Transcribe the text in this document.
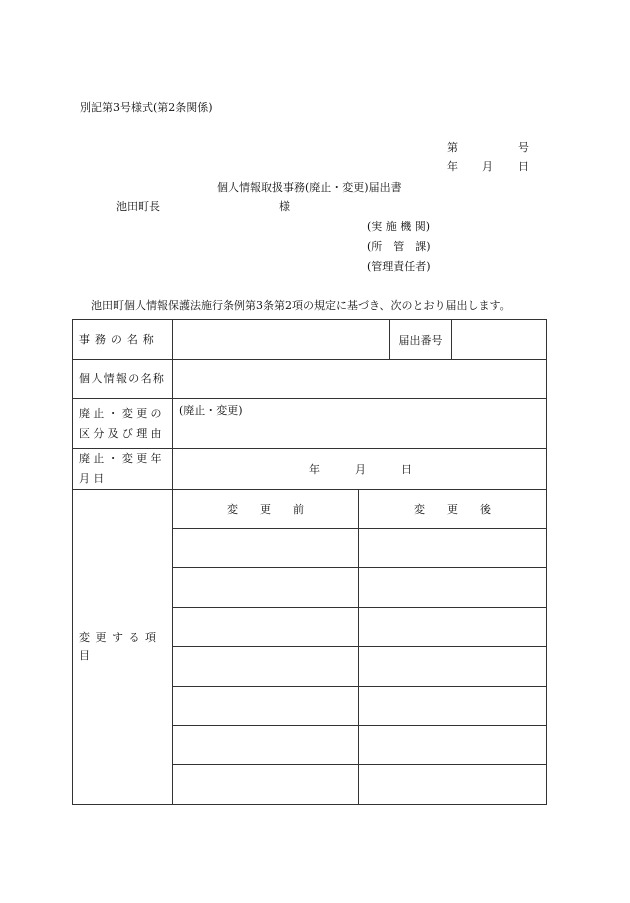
別記第3号様式(第2条関係)
第	号
年 月 日
個人情報取扱事務(廃止・変更)届出書
池田町長	様
(実 施 機 関)
(所　管　課)
(管理責任者)
池田町個人情報保護法施行条例第3条第2項の規定に基づき、次のとおり届出します。
事務の名称			届出番号	
個人情報の名称				
廃止・変更の区分及び理由	(廃止・変更)			
廃止・変更年月日	年 月 日			

変更する項目	変　　更　　前	変　　更　　後		
